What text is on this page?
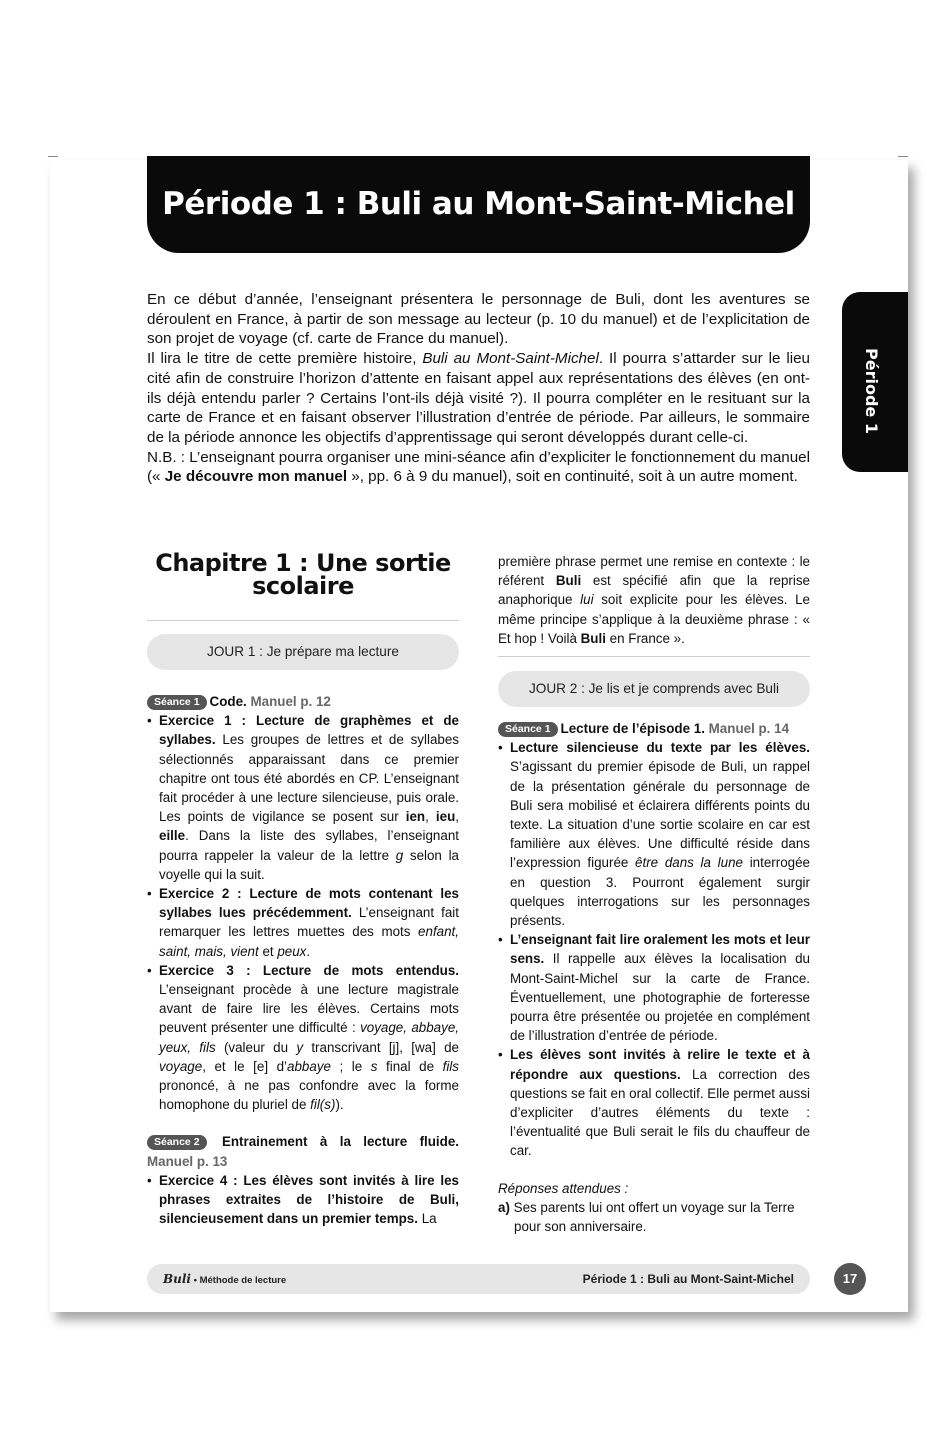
Période 1 : Buli au Mont-Saint-Michel
Période 1

En ce début d’année, l’enseignant présentera le personnage de Buli, dont les aventures se déroulent en France, à partir de son message au lecteur (p. 10 du manuel) et de l’explicitation de son projet de voyage (cf. carte de France du manuel).

Il lira le titre de cette première histoire, Buli au Mont-Saint-Michel. Il pourra s’attarder sur le lieu cité afin de construire l’horizon d’attente en faisant appel aux représentations des élèves (en ont-ils déjà entendu parler ? Certains l’ont-ils déjà visité ?). Il pourra compléter en le resituant sur la carte de France et en faisant observer l’illustration d’entrée de période. Par ailleurs, le sommaire de la période annonce les objectifs d’apprentissage qui seront développés durant celle-ci.

N.B. : L’enseignant pourra organiser une mini-séance afin d’expliciter le fonctionnement du manuel (« Je découvre mon manuel », pp. 6 à 9 du manuel), soit en continuité, soit à un autre moment.

Chapitre 1 : Une sortie scolaire
JOUR 1 : Je prépare ma lecture

Séance 1 Code. Manuel p. 12

• Exercice 1 : Lecture de graphèmes et de syllabes. Les groupes de lettres et de syllabes sélectionnés apparaissant dans ce premier chapitre ont tous été abordés en CP. L’enseignant fait procéder à une lecture silencieuse, puis orale. Les points de vigilance se posent sur ien, ieu, eille. Dans la liste des syllabes, l’enseignant pourra rappeler la valeur de la lettre g selon la voyelle qui la suit.
• Exercice 2 : Lecture de mots contenant les syllabes lues précédemment. L’enseignant fait remarquer les lettres muettes des mots enfant, saint, mais, vient et peux.
• Exercice 3 : Lecture de mots entendus. L’enseignant procède à une lecture magistrale avant de faire lire les élèves. Certains mots peuvent présenter une difficulté : voyage, abbaye, yeux, fils (valeur du y transcrivant [j], [wa] de voyage, et le [e] d’abbaye ; le s final de fils prononcé, à ne pas confondre avec la forme homophone du pluriel de fil(s)).

Séance 2 Entrainement à la lecture fluide. Manuel p. 13

• Exercice 4 : Les élèves sont invités à lire les phrases extraites de l’histoire de Buli, silencieusement dans un premier temps. La

première phrase permet une remise en contexte : le référent Buli est spécifié afin que la reprise anaphorique lui soit explicite pour les élèves. Le même principe s’applique à la deuxième phrase : « Et hop ! Voilà Buli en France ».

JOUR 2 : Je lis et je comprends avec Buli

Séance 1 Lecture de l’épisode 1. Manuel p. 14

• Lecture silencieuse du texte par les élèves. S’agissant du premier épisode de Buli, un rappel de la présentation générale du personnage de Buli sera mobilisé et éclairera différents points du texte. La situation d’une sortie scolaire en car est familière aux élèves. Une difficulté réside dans l’expression figurée être dans la lune interrogée en question 3. Pourront également surgir quelques interrogations sur les personnages présents.
• L’enseignant fait lire oralement les mots et leur sens. Il rappelle aux élèves la localisation du Mont-Saint-Michel sur la carte de France. Éventuellement, une photographie de forteresse pourra être présentée ou projetée en complément de l’illustration d’entrée de période.
• Les élèves sont invités à relire le texte et à répondre aux questions. La correction des questions se fait en oral collectif. Elle permet aussi d’expliciter d’autres éléments du texte : l’éventualité que Buli serait le fils du chauffeur de car.

Réponses attendues :

a) Ses parents lui ont offert un voyage sur la Terre pour son anniversaire.

Buli • Méthode de lecture	Période 1 : Buli au Mont-Saint-Michel	17
